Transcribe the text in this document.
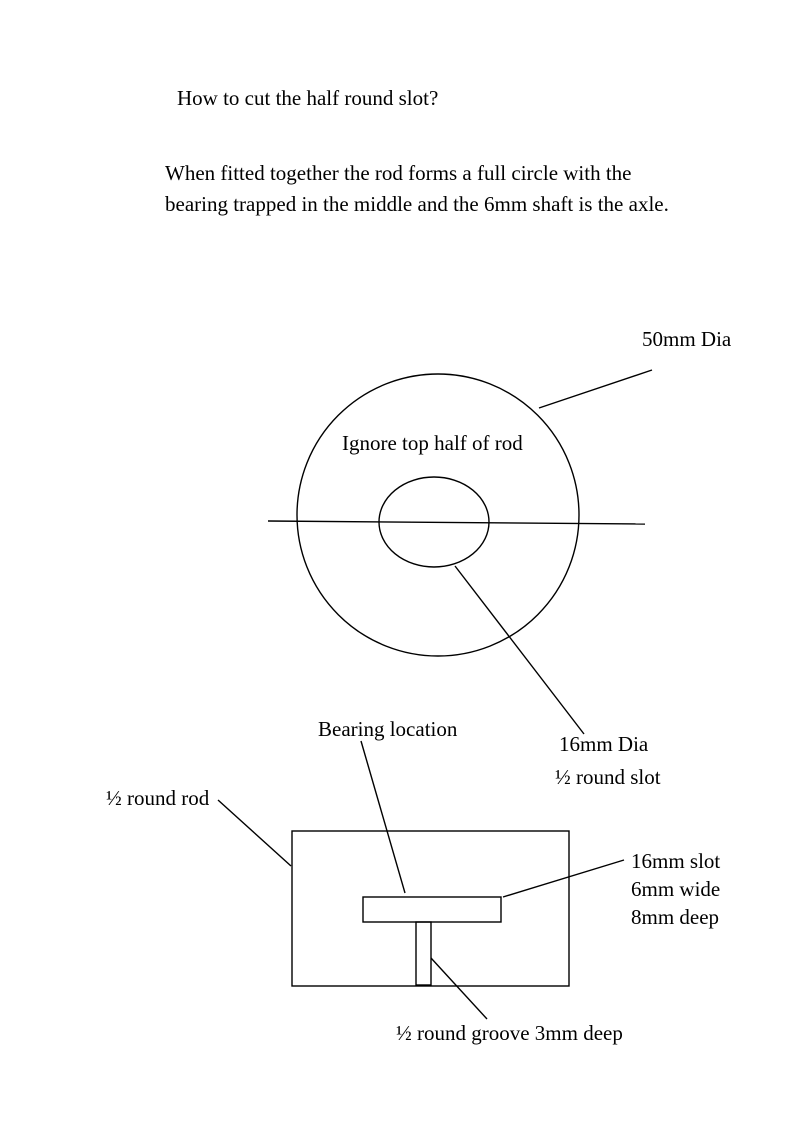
How to cut the half round slot?
When fitted together the rod forms a full circle with the
bearing trapped in the middle and the 6mm shaft is the axle.
50mm Dia
Ignore top half of rod
16mm Dia
½ round slot
Bearing location
½ round rod
16mm slot
6mm wide
8mm deep
½ round groove 3mm deep
